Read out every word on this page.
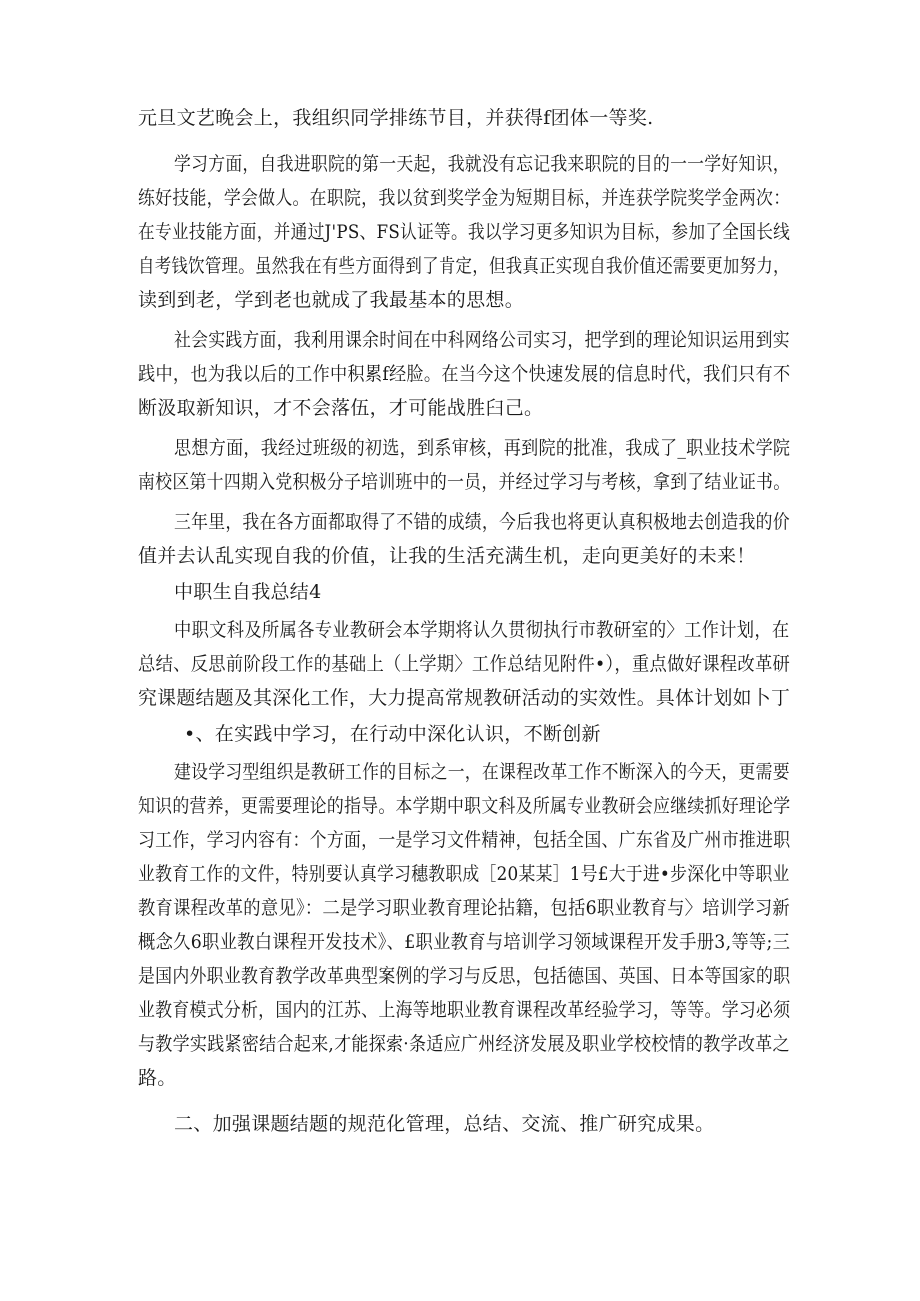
元旦文艺晚会上，我组织同学排练节目，并获得f团体一等奖.
学习方面，自我进职院的第一天起，我就没有忘记我来职院的目的一一学好知识，
练好技能，学会做人。在职院，我以贫到奖学金为短期目标，并连获学院奖学金两次：
在专业技能方面，并通过J'PS、FS认证等。我以学习更多知识为目标，参加了全国长线
自考钱饮管理。虽然我在有些方面得到了肯定，但我真正实现自我价值还需要更加努力，
读到到老，学到老也就成了我最基本的思想。
社会实践方面，我利用课余时间在中科网络公司实习，把学到的理论知识运用到实
践中，也为我以后的工作中积累f经脸。在当今这个快速发展的信息时代，我们只有不
断汲取新知识，才不会落伍，才可能战胜臼己。
思想方面，我经过班级的初选，到系审核，再到院的批准，我成了_职业技术学院
南校区第十四期入党积极分子培训班中的一员，并经过学习与考核，拿到了结业证书。
三年里，我在各方面都取得了不错的成绩，今后我也将更认真积极地去创造我的价
值并去认乱实现自我的价值，让我的生活充满生机，走向更美好的未来！
中职生自我总结4
中职文科及所属各专业教研会本学期将认久贯彻执行市教研室的〉工作计划，在
总结、反思前阶段工作的基础上（上学期〉工作总结见附件•），重点做好课程改革研
究课题结题及其深化工作，大力提高常规教研活动的实效性。具体计划如卜丁
•、在实践中学习，在行动中深化认识，不断创新
建设学习型组织是教研工作的目标之一，在课程改革工作不断深入的今天，更需要
知识的营养，更需要理论的指导。本学期中职文科及所属专业教研会应继续抓好理论学
习工作，学习内容有：个方面，一是学习文件精神，包括全国、广东省及广州市推进职
业教育工作的文件，特别要认真学习穗教职成［20某某］1号£大于进•步深化中等职业
教育课程改革的意见》：二是学习职业教育理论拈籍，包括6职业教育与〉培训学习新
概念久6职业教白课程开发技术》、£职业教育与培训学习领域课程开发手册3,等等;三
是国内外职业教育教学改革典型案例的学习与反思，包括德国、英国、日本等国家的职
业教育模式分析，国内的江苏、上海等地职业教育课程改革经验学习，等等。学习必须
与教学实践紧密结合起来,才能探索·条适应广州经济发展及职业学校校情的教学改革之
路。
二、加强课题结题的规范化管理，总结、交流、推广研究成果。
